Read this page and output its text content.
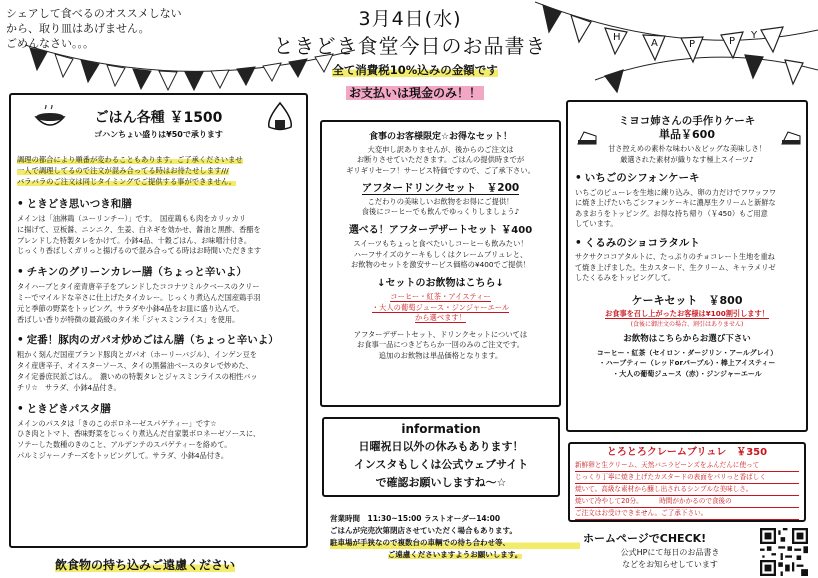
シェアして食べるのオススメしない
から、取り皿はあげません。
ごめんなさい。。。
3月4日(水)
ときどき食堂今日のお品書き
全て消費税10%込みの金額です
お支払いは現金のみ！！
H
A	P	P
Y
ごはん各種 ￥1500
ゴハンちょい盛りは¥50で承ります
調理の都合により順番が変わることもあります。ご了承くださいませ
一人で調理してるので注文が混み合ってる時はお待たせします///
バラバラのご注文は同じタイミングでご提供する事ができません。
• ときどき思いつき和膳
メインは「油淋鶏（ユーリンチー）」です。　国産鶏もも肉をカリッカリ
に揚げて、豆板醤、ニンニク、生姜、白ネギを効かせ、醤油と黒酢、香醋を
ブレンドした特製タレをかけて。小鉢4品、十穀ごはん、お味噌汁付き。
じっくり香ばしくガリっと揚げるので混み合ってる時はお時間いただきます
• チキンのグリーンカレー膳（ちょっと辛いよ）
タイハーブとタイ産青唐辛子をブレンドしたココナツミルクベースのクリー
ミーでマイルドな辛さに仕上げたタイカレー。じっくり煮込んだ国産鶏手羽
元と季節の野菜をトッピング。サラダや小鉢4品をお皿に盛り込んで。
香ばしい香りが特徴の最高級のタイ米「ジャスミンライス」を使用。
• 定番！豚肉のガパオ炒めごはん膳（ちょっと辛いよ）
粗かく刻んだ国産ブランド豚肉とガパオ（ホーリーバジル）、インゲン豆を
タイ産唐辛子、オイスターソース、タイの黒醤油ベースのタレで炒めた、
タイ定番庶民派ごはん。　濃いめの特製タレとジャスミンライスの相性バッ
チリ☆　サラダ、小鉢4品付き。
• ときどきパスタ膳
メインのパスタは「きのこのボロネーゼスパゲティー」です☆
ひき肉とトマト、香味野菜をじっくり煮込んだ自家製ボロネーゼソースに、
ソテーした数種のきのこと、アルデンテのスパゲティーを絡めて。
パルミジャーノチーズをトッピングして。サラダ、小鉢4品付き。
飲食物の持ち込みご遠慮ください
食事のお客様限定☆お得なセット！
大変申し訳ありませんが、後からのご注文は
お断りさせていただきます。ごはんの提供時までが
ギリギリセーフ！サービス特価ですので、ご了承下さい。
アフタードリンクセット　￥200
こだわりの美味しいお飲物をお得にご提供！
食後にコーヒーでも飲んでゆっくりしましょう♪
選べる！アフターデザートセット ￥400
スイーツもちょっと食べたいしコーヒーも飲みたい！
ハーフサイズのケーキもしくはクレームブリュレと、
お飲物のセットを激安サービス価格の¥400でご提供！
↓セットのお飲物はこちら↓
コーヒー・紅茶・アイスティー
・大人の葡萄ジュース・ジンジャーエール
から選べます！
アフターデザートセット、ドリンクセットについては
お食事一品につきどちらか一回のみのご注文です。
追加のお飲物は単品価格となります。
information
日曜祝日以外の休みもあります！
インスタもしくは公式ウェブサイト
で確認お願いしますね〜☆
営業時間　11:30~15:00 ラストオーダー14:00
ごはんが完売次第閉店させていただく場合もあります。
駐車場が手狭なので複数台の車輌での待ち合わせ等、
ご遠慮くださいますようお願いします。
ミヨコ姉さんの手作りケーキ
単品￥600
甘さ控えめの素朴な味わい＆ビッグな美味しさ！
厳選された素材が織りなす極上スイーツ♪
• いちごのシフォンケーキ
いちごのピューレを生地に練り込み、卵の力だけでフワッフワ
に焼き上げたいちごシフォンケーキに濃厚生クリームと新鮮な
あまおうをトッピング。お得な持ち帰り（￥450）もご用意
しています。
• くるみのショコラタルト
サクサクココアタルトに、たっぷりのチョコレート生地を重ね
て焼き上げました。生カスタード、生クリーム、キャラメリゼ
したくるみをトッピングして。
ケーキセット　￥800
お食事を召し上がったお客様は¥100割引します！
(食後に御注文の場合、割引はありません)
お飲物はこちらからお選び下さい
コーヒー・紅茶（セイロン・ダージリン・アールグレイ）
・ハーブティー（レッドorパープル）・棒上アイスティー
・大人の葡萄ジュース（赤）・ジンジャーエール
とろとろクレームブリュレ　￥350
新鮮卵と生クリーム、天然バニラビーンズをふんだんに使って
じっくり丁寧に焼き上げたカスタードの表面をパリっと香ばしく
焼いて。高級な素材から醸し出されるシンプルな美味しさ。
焼いて冷やして20分。　　　時間がかかるので食後の
ご注文はお受けできません。ご了承下さい。
ホームページでCHECK!
公式HPにて毎日のお品書き
などをお知らせしています
